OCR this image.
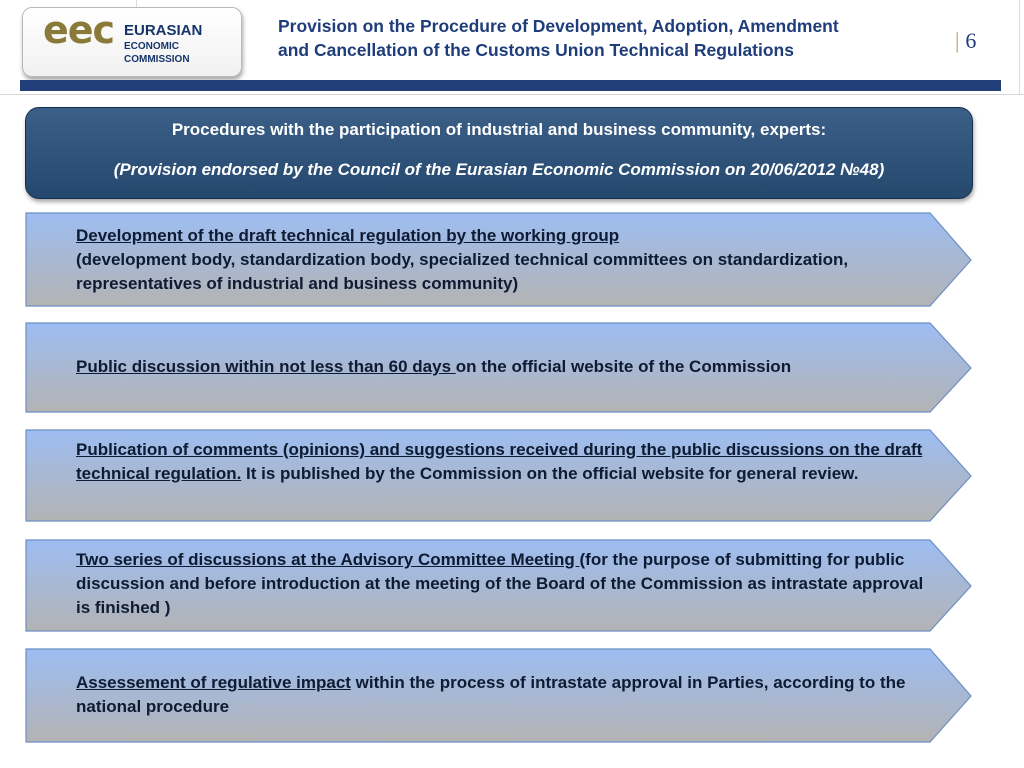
eec EURASIAN
ECONOMIC
COMMISSION
Provision on the Procedure of Development, Adoption, Amendment
and Cancellation of the Customs Union Technical Regulations	| 6
Procedures with the participation of industrial and business community, experts:
(Provision endorsed by the Council of the Eurasian Economic Commission on 20/06/2012 №48)
Development of the draft technical regulation by the working group
(development body, standardization body, specialized technical committees on standardization, representatives of industrial and business community)
Public discussion within not less than 60 days on the official website of the Commission
Publication of comments (opinions) and suggestions received during the public discussions on the draft technical regulation. It is published by the Commission on the official website for general review.
Two series of discussions at the Advisory Committee Meeting (for the purpose of submitting for public discussion and before introduction at the meeting of the Board of the Commission as intrastate approval is finished )
Assessement of regulative impact within the process of intrastate approval in Parties, according to the national procedure
